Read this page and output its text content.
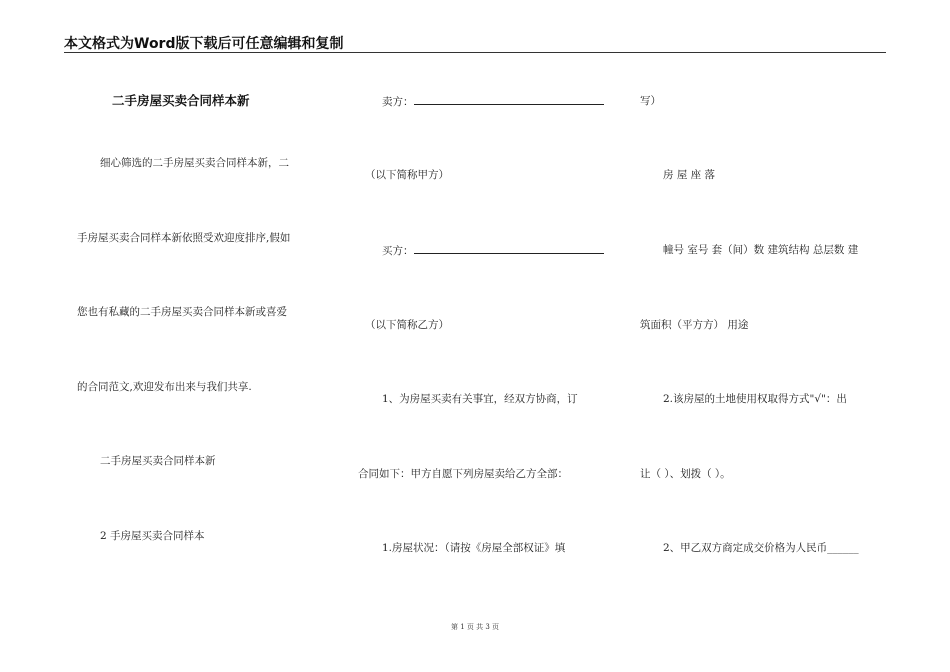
本文格式为Word版下载后可任意编辑和复制
二手房屋买卖合同样本新
细心筛选的二手房屋买卖合同样本新，二
手房屋买卖合同样本新依照受欢迎度排序,假如
您也有私藏的二手房屋买卖合同样本新或喜爱
的合同范文,欢迎发布出来与我们共享.
二手房屋买卖合同样本新
2 手房屋买卖合同样本
卖方：
（以下简称甲方）
买方：
（以下简称乙方）
1、为房屋买卖有关事宜，经双方协商，订
合同如下：甲方自愿下列房屋卖给乙方全部：
1.房屋状况：（请按《房屋全部权证》填
写）
房 屋 座 落
幢号 室号 套（间）数 建筑结构 总层数 建
筑面积（平方方） 用途
2.该房屋的土地使用权取得方式"√"：出
让（ ）、划拨（ ）。
2、甲乙双方商定成交价格为人民币______
第 1 页 共 3 页
